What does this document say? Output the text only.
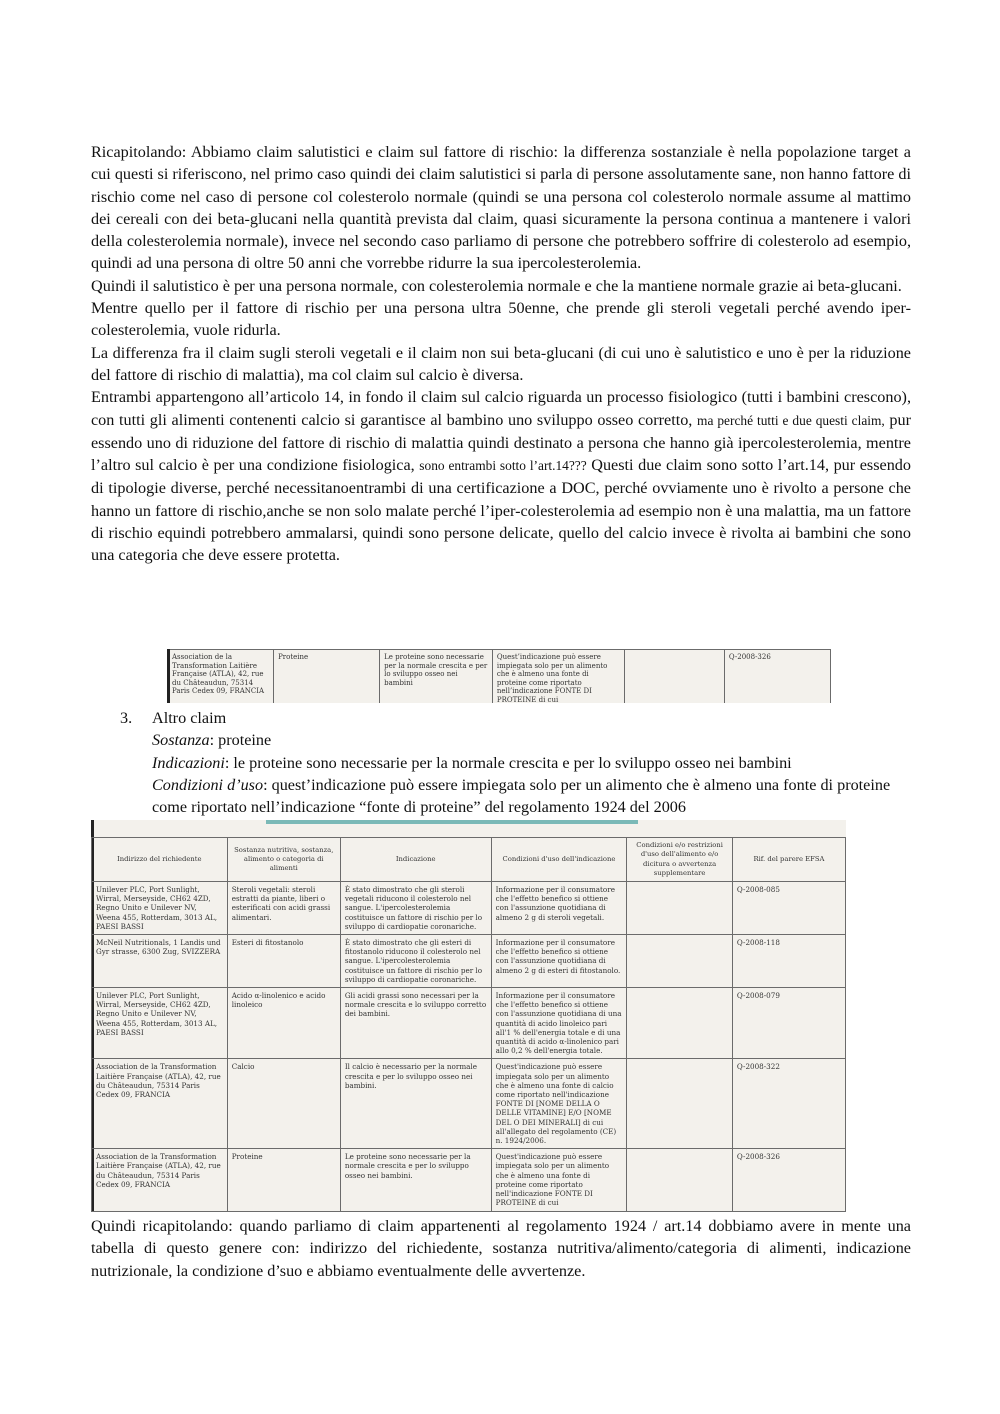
Ricapitolando: Abbiamo claim salutistici e claim sul fattore di rischio: la differenza sostanziale è nella popolazione target a cui questi si riferiscono, nel primo caso quindi dei claim salutistici si parla di persone assolutamente sane, non hanno fattore di rischio come nel caso di persone col colesterolo normale (quindi se una persona col colesterolo normale assume al mattimo dei cereali con dei beta-glucani nella quantità prevista dal claim, quasi sicuramente la persona continua a mantenere i valori della colesterolemia normale), invece nel secondo caso parliamo di persone che potrebbero soffrire di colesterolo ad esempio, quindi ad una persona di oltre 50 anni che vorrebbe ridurre la sua ipercolesterolemia.

Quindi il salutistico è per una persona normale, con colesterolemia normale e che la mantiene normale grazie ai beta-glucani.

Mentre quello per il fattore di rischio per una persona ultra 50enne, che prende gli steroli vegetali perché avendo iper-colesterolemia, vuole ridurla.

La differenza fra il claim sugli steroli vegetali e il claim non sui beta-glucani (di cui uno è salutistico e uno è per la riduzione del fattore di rischio di malattia), ma col claim sul calcio è diversa.

Entrambi appartengono all’articolo 14, in fondo il claim sul calcio riguarda un processo fisiologico (tutti i bambini crescono), con tutti gli alimenti contenenti calcio si garantisce al bambino uno sviluppo osseo corretto, ma perché tutti e due questi claim, pur essendo uno di riduzione del fattore di rischio di malattia quindi destinato a persona che hanno già ipercolesterolemia, mentre l’altro sul calcio è per una condizione fisiologica, sono entrambi sotto l’art.14??? Questi due claim sono sotto l’art.14, pur essendo di tipologie diverse, perché necessitanoentrambi di una certificazione a DOC, perché ovviamente uno è rivolto a persone che hanno un fattore di rischio,anche se non solo malate perché l’iper-colesterolemia ad esempio non è una malattia, ma un fattore di rischio equindi potrebbero ammalarsi, quindi sono persone delicate, quello del calcio invece è rivolta ai bambini che sono una categoria che deve essere protetta.

Association de la Transformation Laitière Française (ATLA), 42, rue du Châteaudun, 75314 Paris Cedex 09, FRANCIA	Proteine	Le proteine sono necessarie per la normale crescita e per lo sviluppo osseo nei bambini	Quest’indicazione può essere impiegata solo per un alimento che è almeno una fonte di proteine come riportato nell’indicazione FONTE DI PROTEINE di cui		Q-2008-326
3.	Altro claim

Sostanza: proteine

Indicazioni: le proteine sono necessarie per la normale crescita e per lo sviluppo osseo nei bambini

Condizioni d’uso: quest’indicazione può essere impiegata solo per un alimento che è almeno una fonte di proteine come riportato nell’indicazione “fonte di proteine” del regolamento 1924 del 2006

Indirizzo del richiedente	Sostanza nutritiva, sostanza, alimento o categoria di alimenti	Indicazione	Condizioni d'uso dell'indicazione	Condizioni e/o restrizioni d'uso dell'alimento e/o dicitura o avvertenza supplementare	Rif. del parere EFSA
Unilever PLC, Port Sunlight, Wirral, Merseyside, CH62 4ZD, Regno Unito e Unilever NV, Weena 455, Rotterdam, 3013 AL, PAESI BASSI	Steroli vegetali: steroli estratti da piante, liberi o esterificati con acidi grassi alimentari.	È stato dimostrato che gli steroli vegetali riducono il colesterolo nel sangue. L'ipercolesterolemia costituisce un fattore di rischio per lo sviluppo di cardiopatie coronariche.	Informazione per il consumatore che l'effetto benefico si ottiene con l'assunzione quotidiana di almeno 2 g di steroli vegetali.		Q-2008-085
McNeil Nutritionals, 1 Landis und Gyr strasse, 6300 Zug, SVIZZERA	Esteri di fitostanolo	È stato dimostrato che gli esteri di fitostanolo riducono il colesterolo nel sangue. L'ipercolesterolemia costituisce un fattore di rischio per lo sviluppo di cardiopatie coronariche.	Informazione per il consumatore che l'effetto benefico si ottiene con l'assunzione quotidiana di almeno 2 g di esteri di fitostanolo.		Q-2008-118
Unilever PLC, Port Sunlight, Wirral, Merseyside, CH62 4ZD, Regno Unito e Unilever NV, Weena 455, Rotterdam, 3013 AL, PAESI BASSI	Acido α-linolenico e acido linoleico	Gli acidi grassi sono necessari per la normale crescita e lo sviluppo corretto dei bambini.	Informazione per il consumatore che l'effetto benefico si ottiene con l'assunzione quotidiana di una quantità di acido linoleico pari all'1 % dell'energia totale e di una quantità di acido α-linolenico pari allo 0,2 % dell'energia totale.		Q-2008-079
Association de la Transformation Laitière Française (ATLA), 42, rue du Châteaudun, 75314 Paris Cedex 09, FRANCIA	Calcio	Il calcio è necessario per la normale crescita e per lo sviluppo osseo nei bambini.	Quest'indicazione può essere impiegata solo per un alimento che è almeno una fonte di calcio come riportato nell'indicazione FONTE DI [NOME DELLA O DELLE VITAMINE] E/O [NOME DEL O DEI MINERALI] di cui all'allegato del regolamento (CE) n. 1924/2006.		Q-2008-322
Association de la Transformation Laitière Française (ATLA), 42, rue du Châteaudun, 75314 Paris Cedex 09, FRANCIA	Proteine	Le proteine sono necessarie per la normale crescita e per lo sviluppo osseo nei bambini.	Quest'indicazione può essere impiegata solo per un alimento che è almeno una fonte di proteine come riportato nell'indicazione FONTE DI PROTEINE di cui		Q-2008-326

Quindi ricapitolando: quando parliamo di claim appartenenti al regolamento 1924 / art.14 dobbiamo avere in mente una tabella di questo genere con: indirizzo del richiedente, sostanza nutritiva/alimento/categoria di alimenti, indicazione nutrizionale, la condizione d’suo e abbiamo eventualmente delle avvertenze.
